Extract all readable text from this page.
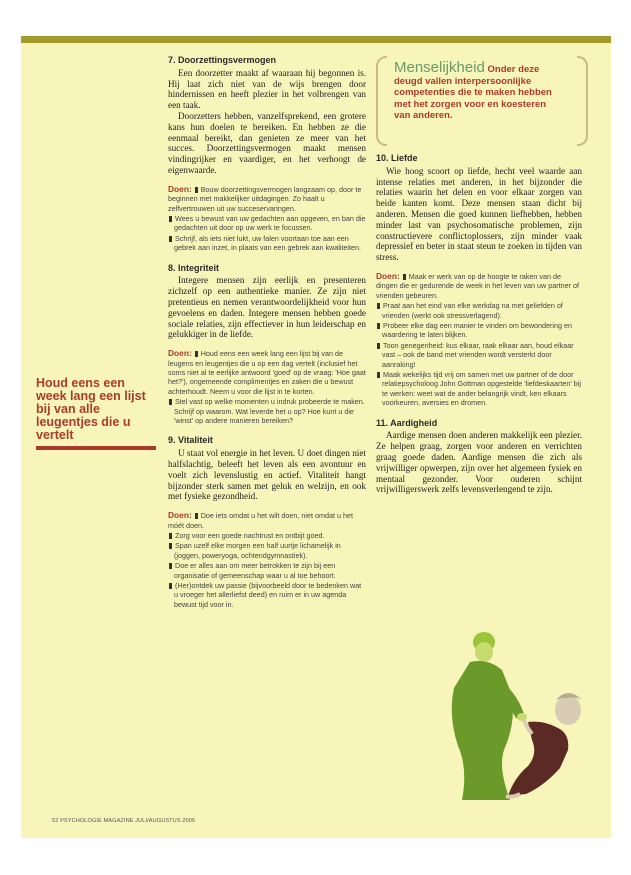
Houd eens een week lang een lijst bij van alle leugentjes die u vertelt
Menselijkheid Onder deze deugd vallen interpersoonlijke competenties die te maken hebben met het zorgen voor en koesteren van anderen.
7. Doorzettingsvermogen

Een doorzetter maakt af waaraan hij begonnen is. Hij laat zich niet van de wijs brengen door hindernissen en heeft plezier in het volbrengen van een taak.

Doorzetters hebben, vanzelfsprekend, een grotere kans hun doelen te bereiken. En hebben ze die eenmaal bereikt, dan genieten ze meer van het succes. Doorzettingsvermogen maakt mensen vindingrijker en vaardiger, en het verhoogt de eigenwaarde.

Doen: Bouw doorzettingsvermogen langzaam op, door te beginnen met makkelijker uitdagingen. Zo haalt u zelfvertrouwen uit uw succeservaringen.
Wees u bewust van uw gedachten aan opgeven, en ban die gedachten uit door op uw werk te focussen.
Schrijf, als iets niet lukt, uw falen voortaan toe aan een gebrek aan inzet, in plaats van een gebrek aan kwaliteiten.
8. Integriteit

Integere mensen zijn eerlijk en presenteren zichzelf op een authentieke manier. Ze zijn niet pretentieus en nemen verantwoordelijkheid voor hun gevoelens en daden. Integere mensen hebben goede sociale relaties, zijn effectiever in hun leiderschap en gelukkiger in de liefde.

Doen: Houd eens een week lang een lijst bij van de leugens en leugentjes die u op een dag vertelt (inclusief het soms niet al te eerlijke antwoord 'goed' op de vraag: 'Hoe gaat het?'), ongemeende complimentjes en zaken die u bewust achterhoudt. Neem u voor die lijst in te korten.
Stel vast op welke momenten u indruk probeerde te maken. Schrijf op waarom. Wat leverde het u op? Hoe kunt u die 'winst' op andere manieren bereiken?
9. Vitaliteit

U staat vol energie in het leven. U doet dingen niet halfslachtig, beleeft het leven als een avontuur en voelt zich levenslustig en actief. Vitaliteit hangt bijzonder sterk samen met geluk en welzijn, en ook met fysieke gezondheid.

Doen: Doe iets omdat u het wilt doen, niet omdat u het móét doen.
Zorg voor een goede nachtrust en ontbijt goed.
Span uzelf elke morgen een half uurtje lichamelijk in (joggen, poweryoga, ochtendgymnastiek).
Doe er alles aan om meer betrokken te zijn bij een organisatie of gemeenschap waar u al toe behoort.
(Her)ontdek uw passie (bijvoorbeeld door te bedenken wat u vroeger het allerliefst deed) en ruim er in uw agenda bewust tijd voor in.
10. Liefde

Wie hoog scoort op liefde, hecht veel waarde aan intense relaties met anderen, in het bijzonder die relaties waarin het delen en voor elkaar zorgen van beide kanten komt. Deze mensen staan dicht bij anderen. Mensen die goed kunnen liefhebben, hebben minder last van psychosomatische problemen, zijn constructievere conflictoplossers, zijn minder vaak depressief en beter in staat steun te zoeken in tijden van stress.

Doen: Maak er werk van op de hoogte te raken van de dingen die er gedurende de week in het leven van uw partner of vrienden gebeuren.
Praat aan het eind van elke werkdag na met geliefden of vrienden (werkt ook stressverlagend).
Probeer elke dag een manier te vinden om bewondering en waardering te laten blijken.
Toon genegenheid: kus elkaar, raak elkaar aan, houd elkaar vast – ook de band met vrienden wordt versterkt door aanraking!
Maak wekelijks tijd vrij om samen met uw partner of de door relatiepsycholoog John Gottman opgestelde 'liefdeskaarten' bij te werken: weet wat de ander belangrijk vindt, ken elkaars voorkeuren, aversies en dromen.
11. Aardigheid

Aardige mensen doen anderen makkelijk een plezier. Ze helpen graag, zorgen voor anderen en verrichten graag goede daden. Aardige mensen die zich als vrijwilliger opwerpen, zijn over het algemeen fysiek en mentaal gezonder. Voor ouderen schijnt vrijwilligerswerk zelfs levensverlengend te zijn.

52 PSYCHOLOGIE MAGAZINE JULI/AUGUSTUS 2005
